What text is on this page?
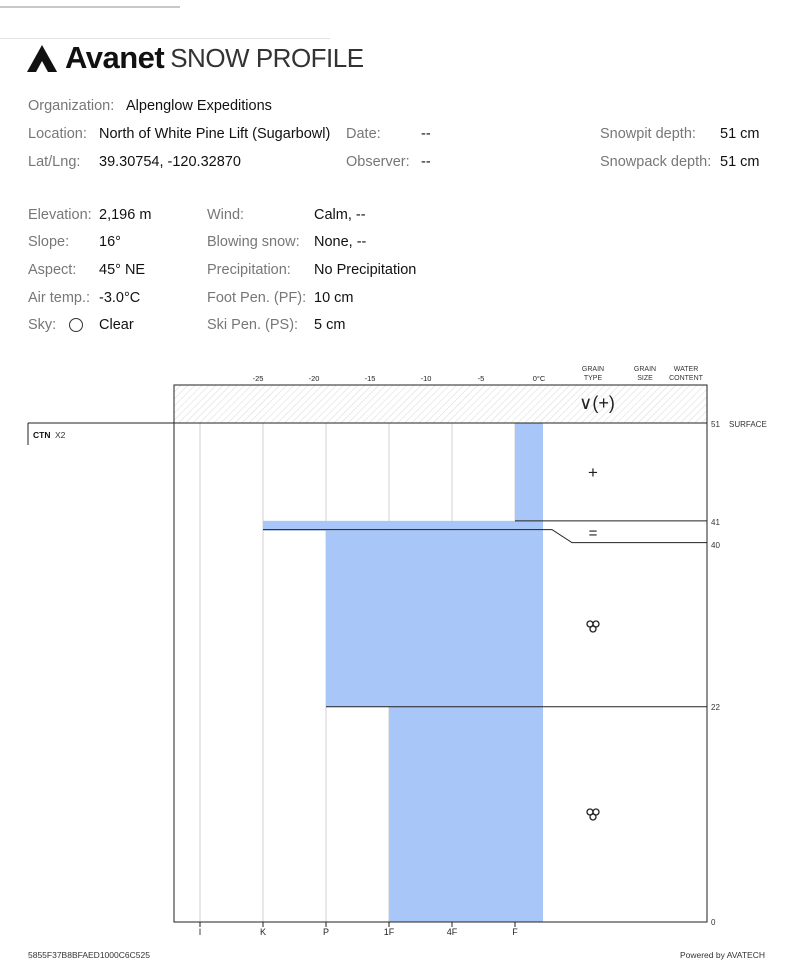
Avanet SNOW PROFILE
Organization: Alpenglow Expeditions
Location: North of White Pine Lift (Sugarbowl) Date:	--	Snowpit depth: 51 cm
Lat/Lng: 39.30754, -120.32870	Observer: --	Snowpack depth: 51 cm
Elevation: 2,196 m	Wind:	Calm, --
Slope: 16°	Blowing snow: None, --
Aspect: 45° NE	Precipitation: No Precipitation
Air temp.: -3.0°C	Foot Pen. (PF): 10 cm
Sky:	Clear	Ski Pen. (PS): 5 cm
I	K	P	1F	4F	F
-25	-20	-15	-10	-5	0°C
CTN X2
GRAIN TYPE
GRAIN SIZE
WATER CONTENT
∨(+)
SURFACE
51
41
40
22
0
+
=
5855F37B8BFAED1000C6C525	Powered by AVATECH
